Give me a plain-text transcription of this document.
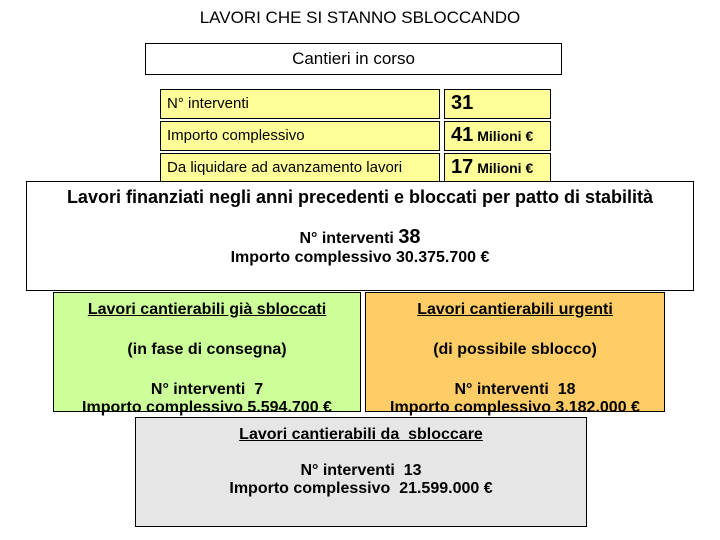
LAVORI CHE SI STANNO SBLOCCANDO
Cantieri in corso
N° interventi
Importo complessivo
Da liquidare ad avanzamento lavori
31
41 Milioni €
17 Milioni €
Lavori finanziati negli anni precedenti e bloccati per patto di stabilità
N° interventi 38
Importo complessivo 30.375.700 €
Lavori cantierabili già sbloccati
(in fase di consegna)
N° interventi  7
Importo complessivo 5.594.700 €
Lavori cantierabili urgenti
(di possibile sblocco)
N° interventi  18
Importo complessivo 3.182.000 €
Lavori cantierabili da  sbloccare
N° interventi  13
Importo complessivo  21.599.000 €
